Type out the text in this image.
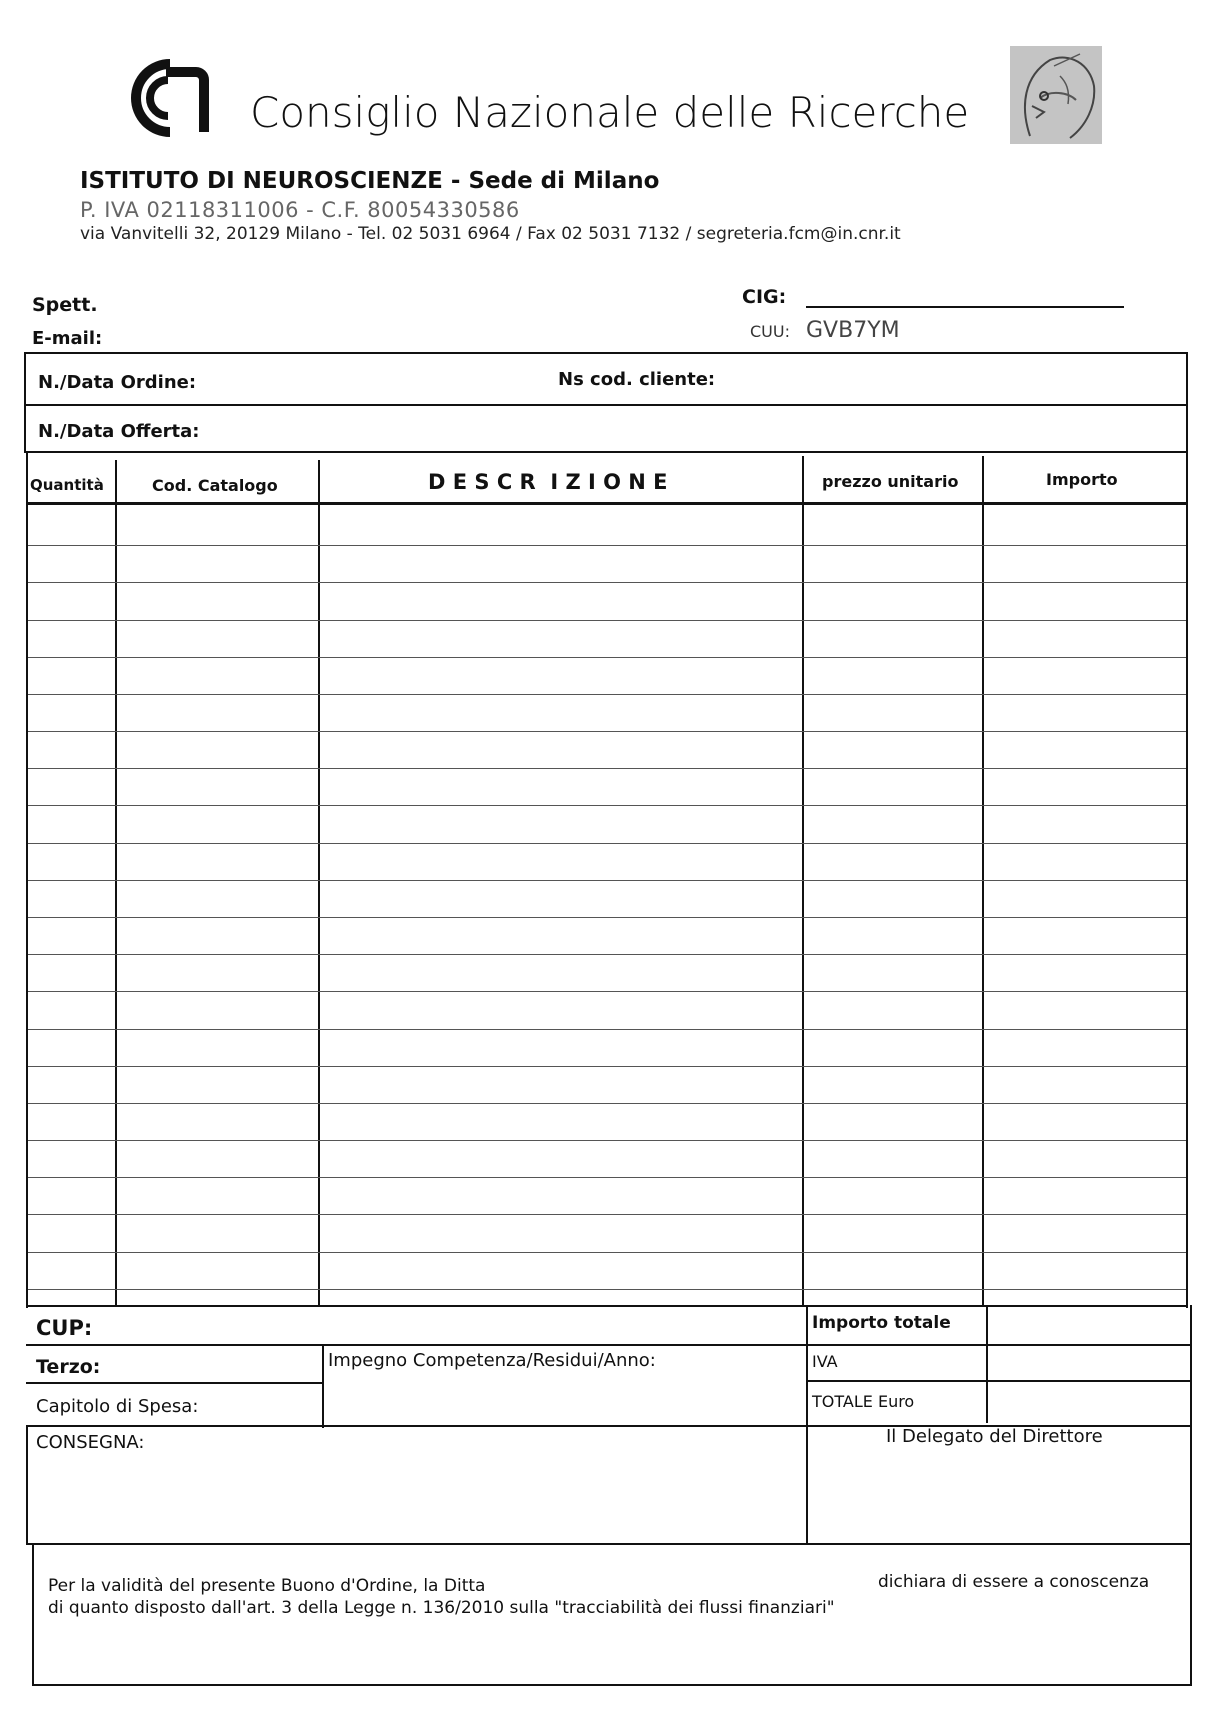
Consiglio Nazionale delle Ricerche
ISTITUTO DI NEUROSCIENZE - Sede di Milano
P. IVA 02118311006 - C.F. 80054330586
via Vanvitelli 32, 20129 Milano - Tel. 02 5031 6964 / Fax 02 5031 7132 / segreteria.fcm@in.cnr.it
Spett.
E-mail:
CIG:
CUU: GVB7YM
N./Data Ordine:	Ns cod. cliente:
N./Data Offerta:
Quantità	Cod. Catalogo	D E S C R  I Z I O N E	prezzo unitario	Importo
CUP:	Importo totale
Terzo:	Impegno Competenza/Residui/Anno:	IVA
Capitolo di Spesa:	TOTALE Euro
CONSEGNA:	Il Delegato del Direttore
Per la validità del presente Buono d'Ordine, la Ditta	dichiara di essere a conoscenza
di quanto disposto dall'art. 3 della Legge n. 136/2010 sulla "tracciabilità dei flussi finanziari"
